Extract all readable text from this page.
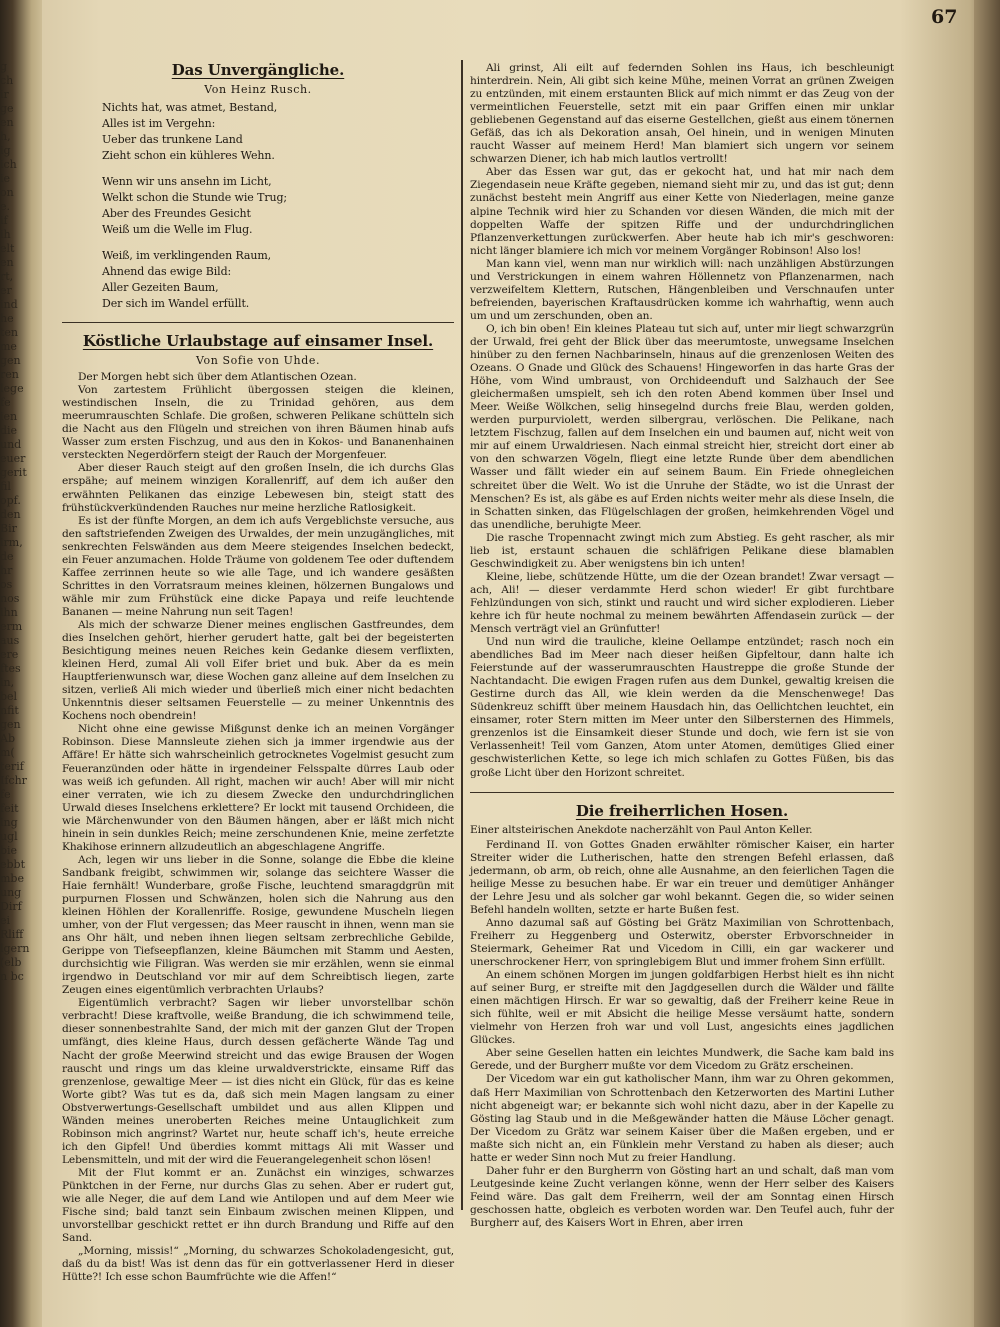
g
ch
ir
ge
en
h,
ig
ich
ie
on
e.
if
ih
elt
en
rt,
er
ind
he
ten
me
gen
ren
lege
fe
ien
die
und
euer
gerit
fil
opf.
den
Bir
irm,
de
hr
os
nos
ihn
erm
aus
ere
ftes
in,
bel
nfit
gen
Ab
m(
terif
Ifchr
fe
feit
ing
ugl
bie
ebbt
mbe
ung
Dirf
ei
Rliff
lgern
(elb
n bc
67
Das Unvergängliche.
Von Heinz Rusch.
Nichts hat, was atmet, Bestand,
Alles ist im Vergehn:
Ueber das trunkene Land
Zieht schon ein kühleres Wehn.
Wenn wir uns ansehn im Licht,
Welkt schon die Stunde wie Trug;
Aber des Freundes Gesicht
Weiß um die Welle im Flug.
Weiß, im verklingenden Raum,
Ahnend das ewige Bild:
Aller Gezeiten Baum,
Der sich im Wandel erfüllt.
Köstliche Urlaubstage auf einsamer Insel.
Von Sofie von Uhde.

Der Morgen hebt sich über dem Atlantischen Ozean.

Von zartestem Frühlicht übergossen steigen die kleinen, westindischen Inseln, die zu Trinidad gehören, aus dem meerumrauschten Schlafe. Die großen, schweren Pelikane schütteln sich die Nacht aus den Flügeln und streichen von ihren Bäumen hinab aufs Wasser zum ersten Fischzug, und aus den in Kokos- und Bananenhainen versteckten Negerdörfern steigt der Rauch der Morgenfeuer.

Aber dieser Rauch steigt auf den großen Inseln, die ich durchs Glas erspähe; auf meinem winzigen Korallenriff, auf dem ich außer den erwähnten Pelikanen das einzige Lebewesen bin, steigt statt des frühstückverkündenden Rauches nur meine herzliche Ratlosigkeit.

Es ist der fünfte Morgen, an dem ich aufs Vergeblichste versuche, aus den saftstriefenden Zweigen des Urwaldes, der mein unzugängliches, mit senkrechten Felswänden aus dem Meere steigendes Inselchen bedeckt, ein Feuer anzumachen. Holde Träume von goldenem Tee oder duftendem Kaffee zerrinnen heute so wie alle Tage, und ich wandere gesäßten Schrittes in den Vorratsraum meines kleinen, hölzernen Bungalows und wähle mir zum Frühstück eine dicke Papaya und reife leuchtende Bananen — meine Nahrung nun seit Tagen!

Als mich der schwarze Diener meines englischen Gastfreundes, dem dies Inselchen gehört, hierher gerudert hatte, galt bei der begeisterten Besichtigung meines neuen Reiches kein Gedanke diesem verflixten, kleinen Herd, zumal Ali voll Eifer briet und buk. Aber da es mein Hauptferienwunsch war, diese Wochen ganz alleine auf dem Inselchen zu sitzen, verließ Ali mich wieder und überließ mich einer nicht bedachten Unkenntnis dieser seltsamen Feuerstelle — zu meiner Unkenntnis des Kochens noch obendrein!

Nicht ohne eine gewisse Mißgunst denke ich an meinen Vorgänger Robinson. Diese Mannsleute ziehen sich ja immer irgendwie aus der Affäre! Er hätte sich wahrscheinlich getrocknetes Vogelmist gesucht zum Feueranzünden oder hätte in irgendeiner Felsspalte dürres Laub oder was weiß ich gefunden. All right, machen wir auch! Aber will mir nicht einer verraten, wie ich zu diesem Zwecke den undurchdringlichen Urwald dieses Inselchens erklettere? Er lockt mit tausend Orchideen, die wie Märchenwunder von den Bäumen hängen, aber er läßt mich nicht hinein in sein dunkles Reich; meine zerschundenen Knie, meine zerfetzte Khakihose erinnern allzudeutlich an abgeschlagene Angriffe.

Ach, legen wir uns lieber in die Sonne, solange die Ebbe die kleine Sandbank freigibt, schwimmen wir, solange das seichtere Wasser die Haie fernhält! Wunderbare, große Fische, leuchtend smaragdgrün mit purpurnen Flossen und Schwänzen, holen sich die Nahrung aus den kleinen Höhlen der Korallenriffe. Rosige, gewundene Muscheln liegen umher, von der Flut vergessen; das Meer rauscht in ihnen, wenn man sie ans Ohr hält, und neben ihnen liegen seltsam zerbrechliche Gebilde, Gerippe von Tiefseepflanzen, kleine Bäumchen mit Stamm und Aesten, durchsichtig wie Filigran. Was werden sie mir erzählen, wenn sie einmal irgendwo in Deutschland vor mir auf dem Schreibtisch liegen, zarte Zeugen eines eigentümlich verbrachten Urlaubs?

Eigentümlich verbracht? Sagen wir lieber unvorstellbar schön verbracht! Diese kraftvolle, weiße Brandung, die ich schwimmend teile, dieser sonnenbestrahlte Sand, der mich mit der ganzen Glut der Tropen umfängt, dies kleine Haus, durch dessen gefächerte Wände Tag und Nacht der große Meerwind streicht und das ewige Brausen der Wogen rauscht und rings um das kleine urwaldverstrickte, einsame Riff das grenzenlose, gewaltige Meer — ist dies nicht ein Glück, für das es keine Worte gibt? Was tut es da, daß sich mein Magen langsam zu einer Obstverwertungs-Gesellschaft umbildet und aus allen Klippen und Wänden meines uneroberten Reiches meine Untauglichkeit zum Robinson mich angrinst? Wartet nur, heute schaff ich's, heute erreiche ich den Gipfel! Und überdies kommt mittags Ali mit Wasser und Lebensmitteln, und mit der wird die Feuerangelegenheit schon lösen!

Mit der Flut kommt er an. Zunächst ein winziges, schwarzes Pünktchen in der Ferne, nur durchs Glas zu sehen. Aber er rudert gut, wie alle Neger, die auf dem Land wie Antilopen und auf dem Meer wie Fische sind; bald tanzt sein Einbaum zwischen meinen Klippen, und unvorstellbar geschickt rettet er ihn durch Brandung und Riffe auf den Sand.

„Morning, missis!“ „Morning, du schwarzes Schokoladengesicht, gut, daß du da bist! Was ist denn das für ein gottverlassener Herd in dieser Hütte?! Ich esse schon Baumfrüchte wie die Affen!“

Ali grinst, Ali eilt auf federnden Sohlen ins Haus, ich beschleunigt hinterdrein. Nein, Ali gibt sich keine Mühe, meinen Vorrat an grünen Zweigen zu entzünden, mit einem erstaunten Blick auf mich nimmt er das Zeug von der vermeintlichen Feuerstelle, setzt mit ein paar Griffen einen mir unklar gebliebenen Gegenstand auf das eiserne Gestellchen, gießt aus einem tönernen Gefäß, das ich als Dekoration ansah, Oel hinein, und in wenigen Minuten raucht Wasser auf meinem Herd! Man blamiert sich ungern vor seinem schwarzen Diener, ich hab mich lautlos vertrollt!

Aber das Essen war gut, das er gekocht hat, und hat mir nach dem Ziegendasein neue Kräfte gegeben, niemand sieht mir zu, und das ist gut; denn zunächst besteht mein Angriff aus einer Kette von Niederlagen, meine ganze alpine Technik wird hier zu Schanden vor diesen Wänden, die mich mit der doppelten Waffe der spitzen Riffe und der undurchdringlichen Pflanzenverkettungen zurückwerfen. Aber heute hab ich mir's geschworen: nicht länger blamiere ich mich vor meinem Vorgänger Robinson! Also los!

Man kann viel, wenn man nur wirklich will: nach unzähligen Abstürzungen und Verstrickungen in einem wahren Höllennetz von Pflanzenarmen, nach verzweifeltem Klettern, Rutschen, Hängenbleiben und Verschnaufen unter befreienden, bayerischen Kraftausdrücken komme ich wahrhaftig, wenn auch um und um zerschunden, oben an.

O, ich bin oben! Ein kleines Plateau tut sich auf, unter mir liegt schwarzgrün der Urwald, frei geht der Blick über das meerumtoste, unwegsame Inselchen hinüber zu den fernen Nachbarinseln, hinaus auf die grenzenlosen Weiten des Ozeans. O Gnade und Glück des Schauens! Hingeworfen in das harte Gras der Höhe, vom Wind umbraust, von Orchideenduft und Salzhauch der See gleichermaßen umspielt, seh ich den roten Abend kommen über Insel und Meer. Weiße Wölkchen, selig hinsegelnd durchs freie Blau, werden golden, werden purpurviolett, werden silbergrau, verlöschen. Die Pelikane, nach letztem Fischzug, fallen auf dem Inselchen ein und baumen auf, nicht weit von mir auf einem Urwaldriesen. Nach einmal streicht hier, streicht dort einer ab von den schwarzen Vögeln, fliegt eine letzte Runde über dem abendlichen Wasser und fällt wieder ein auf seinem Baum. Ein Friede ohnegleichen schreitet über die Welt. Wo ist die Unruhe der Städte, wo ist die Unrast der Menschen? Es ist, als gäbe es auf Erden nichts weiter mehr als diese Inseln, die in Schatten sinken, das Flügelschlagen der großen, heimkehrenden Vögel und das unendliche, beruhigte Meer.

Die rasche Tropennacht zwingt mich zum Abstieg. Es geht rascher, als mir lieb ist, erstaunt schauen die schläfrigen Pelikane diese blamablen Geschwindigkeit zu. Aber wenigstens bin ich unten!

Kleine, liebe, schützende Hütte, um die der Ozean brandet! Zwar versagt — ach, Ali! — dieser verdammte Herd schon wieder! Er gibt furchtbare Fehlzündungen von sich, stinkt und raucht und wird sicher explodieren. Lieber kehre ich für heute nochmal zu meinem bewährten Affendasein zurück — der Mensch verträgt viel an Grünfutter!

Und nun wird die trauliche, kleine Oellampe entzündet; rasch noch ein abendliches Bad im Meer nach dieser heißen Gipfeltour, dann halte ich Feierstunde auf der wasserumrauschten Haustreppe die große Stunde der Nachtandacht. Die ewigen Fragen rufen aus dem Dunkel, gewaltig kreisen die Gestirne durch das All, wie klein werden da die Menschenwege! Das Südenkreuz schifft über meinem Hausdach hin, das Oellichtchen leuchtet, ein einsamer, roter Stern mitten im Meer unter den Silbersternen des Himmels, grenzenlos ist die Einsamkeit dieser Stunde und doch, wie fern ist sie von Verlassenheit! Teil vom Ganzen, Atom unter Atomen, demütiges Glied einer geschwisterlichen Kette, so lege ich mich schlafen zu Gottes Füßen, bis das große Licht über den Horizont schreitet.

Die freiherrlichen Hosen.

Einer altsteirischen Anekdote nacherzählt von Paul Anton Keller.

Ferdinand II. von Gottes Gnaden erwählter römischer Kaiser, ein harter Streiter wider die Lutherischen, hatte den strengen Befehl erlassen, daß jedermann, ob arm, ob reich, ohne alle Ausnahme, an den feierlichen Tagen die heilige Messe zu besuchen habe. Er war ein treuer und demütiger Anhänger der Lehre Jesu und als solcher gar wohl bekannt. Gegen die, so wider seinen Befehl handeln wollten, setzte er harte Bußen fest.

Anno dazumal saß auf Gösting bei Grätz Maximilian von Schrottenbach, Freiherr zu Heggenberg und Osterwitz, oberster Erbvorschneider in Steiermark, Geheimer Rat und Vicedom in Cilli, ein gar wackerer und unerschrockener Herr, von springlebigem Blut und immer frohem Sinn erfüllt.

An einem schönen Morgen im jungen goldfarbigen Herbst hielt es ihn nicht auf seiner Burg, er streifte mit den Jagdgesellen durch die Wälder und fällte einen mächtigen Hirsch. Er war so gewaltig, daß der Freiherr keine Reue in sich fühlte, weil er mit Absicht die heilige Messe versäumt hatte, sondern vielmehr von Herzen froh war und voll Lust, angesichts eines jagdlichen Glückes.

Aber seine Gesellen hatten ein leichtes Mundwerk, die Sache kam bald ins Gerede, und der Burgherr mußte vor dem Vicedom zu Grätz erscheinen.

Der Vicedom war ein gut katholischer Mann, ihm war zu Ohren gekommen, daß Herr Maximilian von Schrottenbach den Ketzerworten des Martini Luther nicht abgeneigt war; er bekannte sich wohl nicht dazu, aber in der Kapelle zu Gösting lag Staub und in die Meßgewänder hatten die Mäuse Löcher genagt. Der Vicedom zu Grätz war seinem Kaiser über die Maßen ergeben, und er maßte sich nicht an, ein Fünklein mehr Verstand zu haben als dieser; auch hatte er weder Sinn noch Mut zu freier Handlung.

Daher fuhr er den Burgherrn von Gösting hart an und schalt, daß man vom Leutgesinde keine Zucht verlangen könne, wenn der Herr selber des Kaisers Feind wäre. Das galt dem Freiherrn, weil der am Sonntag einen Hirsch geschossen hatte, obgleich es verboten worden war. Den Teufel auch, fuhr der Burgherr auf, des Kaisers Wort in Ehren, aber irren
